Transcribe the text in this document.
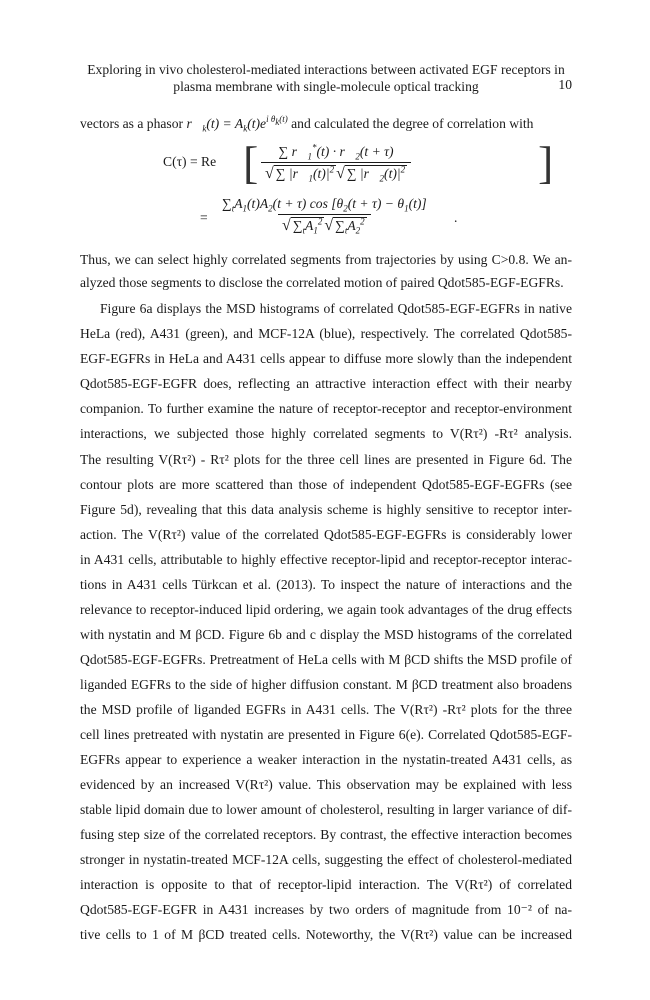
Exploring in vivo cholesterol-mediated interactions between activated EGF receptors in
plasma membrane with single-molecule optical tracking	10
vectors as a phasor $r⃗_k(t) = A_k(t)e^{i \theta_k(t)}$ and calculated the degree of correlation with
C(τ) = Re [ $\frac{\sum r⃗_1^*(t) \cdot r⃗_2(t + \tau)}{√ \sum |r⃗_1(t)|^2 √ \sum |r⃗_2(t)|^2}$	]
= $\frac{\sum_tA_1(t)A_2(t + \tau) \cos [\theta_2(t + \tau) - \theta_1(t)]}{√ \sum_tA_1^2 √ \sum_tA_2^2}$ .
Thus, we can select highly correlated segments from trajectories by using C>0.8. We an-
alyzed those segments to disclose the correlated motion of paired Qdot585-EGF-EGFRs.
Figure 6a displays the MSD histograms of correlated Qdot585-EGF-EGFRs in native
HeLa (red), A431 (green), and MCF-12A (blue), respectively. The correlated Qdot585-
EGF-EGFRs in HeLa and A431 cells appear to diffuse more slowly than the independent
Qdot585-EGF-EGFR does, reflecting an attractive interaction effect with their nearby
companion. To further examine the nature of receptor-receptor and receptor-environment
interactions, we subjected those highly correlated segments to V(Rτ²) -Rτ² analysis.
The resulting V(Rτ²) - Rτ² plots for the three cell lines are presented in Figure 6d. The
contour plots are more scattered than those of independent Qdot585-EGF-EGFRs (see
Figure 5d), revealing that this data analysis scheme is highly sensitive to receptor inter-
action. The V(Rτ²) value of the correlated Qdot585-EGF-EGFRs is considerably lower
in A431 cells, attributable to highly effective receptor-lipid and receptor-receptor interac-
tions in A431 cells Türkcan et al. (2013). To inspect the nature of interactions and the
relevance to receptor-induced lipid ordering, we again took advantages of the drug effects
with nystatin and M βCD. Figure 6b and c display the MSD histograms of the correlated
Qdot585-EGF-EGFRs. Pretreatment of HeLa cells with M βCD shifts the MSD profile of
liganded EGFRs to the side of higher diffusion constant. M βCD treatment also broadens
the MSD profile of liganded EGFRs in A431 cells. The V(Rτ²) -Rτ² plots for the three
cell lines pretreated with nystatin are presented in Figure 6(e). Correlated Qdot585-EGF-
EGFRs appear to experience a weaker interaction in the nystatin-treated A431 cells, as
evidenced by an increased V(Rτ²) value. This observation may be explained with less
stable lipid domain due to lower amount of cholesterol, resulting in larger variance of dif-
fusing step size of the correlated receptors. By contrast, the effective interaction becomes
stronger in nystatin-treated MCF-12A cells, suggesting the effect of cholesterol-mediated
interaction is opposite to that of receptor-lipid interaction. The V(Rτ²) of correlated
Qdot585-EGF-EGFR in A431 increases by two orders of magnitude from 10⁻² of na-
tive cells to 1 of M βCD treated cells. Noteworthy, the V(Rτ²) value can be increased
